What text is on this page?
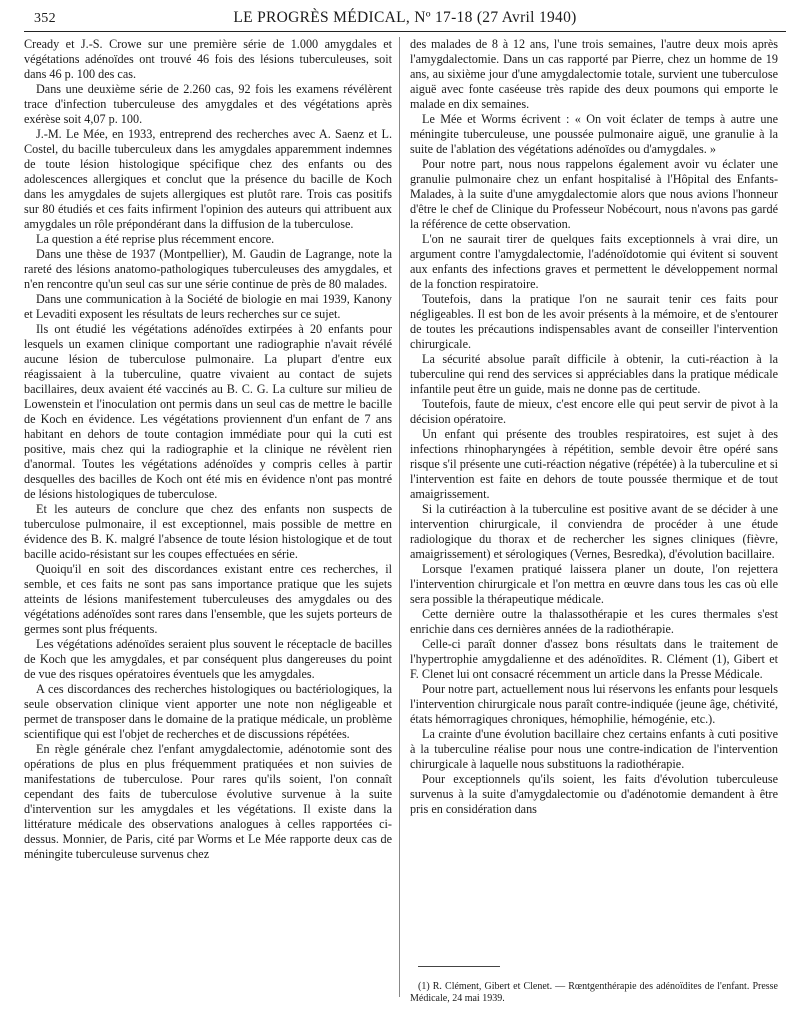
352	LE PROGRÈS MÉDICAL, Nº 17-18 (27 Avril 1940)

Cready et J.-S. Crowe sur une première série de 1.000 amygdales et végétations adénoïdes ont trouvé 46 fois des lésions tuberculeuses, soit dans 46 p. 100 des cas.

Dans une deuxième série de 2.260 cas, 92 fois les examens révélèrent trace d'infection tuberculeuse des amygdales et des végétations après exérèse soit 4,07 p. 100.

J.-M. Le Mée, en 1933, entreprend des recherches avec A. Saenz et L. Costel, du bacille tuberculeux dans les amygdales apparemment indemnes de toute lésion histologique spécifique chez des enfants ou des adolescences allergiques et conclut que la présence du bacille de Koch dans les amygdales de sujets allergiques est plutôt rare. Trois cas positifs sur 80 étudiés et ces faits infirment l'opinion des auteurs qui attribuent aux amygdales un rôle prépondérant dans la diffusion de la tuberculose.

La question a été reprise plus récemment encore.

Dans une thèse de 1937 (Montpellier), M. Gaudin de Lagrange, note la rareté des lésions anatomo-pathologiques tuberculeuses des amygdales, et n'en rencontre qu'un seul cas sur une série continue de près de 80 malades.

Dans une communication à la Société de biologie en mai 1939, Kanony et Levaditi exposent les résultats de leurs recherches sur ce sujet.

Ils ont étudié les végétations adénoïdes extirpées à 20 enfants pour lesquels un examen clinique comportant une radiographie n'avait révélé aucune lésion de tuberculose pulmonaire. La plupart d'entre eux réagissaient à la tuberculine, quatre vivaient au contact de sujets bacillaires, deux avaient été vaccinés au B. C. G. La culture sur milieu de Lowenstein et l'inoculation ont permis dans un seul cas de mettre le bacille de Koch en évidence. Les végétations proviennent d'un enfant de 7 ans habitant en dehors de toute contagion immédiate pour qui la cuti est positive, mais chez qui la radiographie et la clinique ne révèlent rien d'anormal. Toutes les végétations adénoïdes y compris celles à partir desquelles des bacilles de Koch ont été mis en évidence n'ont pas montré de lésions histologiques de tuberculose.

Et les auteurs de conclure que chez des enfants non suspects de tuberculose pulmonaire, il est exceptionnel, mais possible de mettre en évidence des B. K. malgré l'absence de toute lésion histologique et de tout bacille acido-résistant sur les coupes effectuées en série.

Quoiqu'il en soit des discordances existant entre ces recherches, il semble, et ces faits ne sont pas sans importance pratique que les sujets atteints de lésions manifestement tuberculeuses des amygdales ou des végétations adénoïdes sont rares dans l'ensemble, que les sujets porteurs de germes sont plus fréquents.

Les végétations adénoïdes seraient plus souvent le réceptacle de bacilles de Koch que les amygdales, et par conséquent plus dangereuses du point de vue des risques opératoires éventuels que les amygdales.

A ces discordances des recherches histologiques ou bactériologiques, la seule observation clinique vient apporter une note non négligeable et permet de transposer dans le domaine de la pratique médicale, un problème scientifique qui est l'objet de recherches et de discussions répétées.

En règle générale chez l'enfant amygdalectomie, adénotomie sont des opérations de plus en plus fréquemment pratiquées et non suivies de manifestations de tuberculose. Pour rares qu'ils soient, l'on connaît cependant des faits de tuberculose évolutive survenue à la suite d'intervention sur les amygdales et les végétations. Il existe dans la littérature médicale des observations analogues à celles rapportées ci-dessus. Monnier, de Paris, cité par Worms et Le Mée rapporte deux cas de méningite tuberculeuse survenus chez

des malades de 8 à 12 ans, l'une trois semaines, l'autre deux mois après l'amygdalectomie. Dans un cas rapporté par Pierre, chez un homme de 19 ans, au sixième jour d'une amygdalectomie totale, survient une tuberculose aiguë avec fonte caséeuse très rapide des deux poumons qui emporte le malade en dix semaines.

Le Mée et Worms écrivent : « On voit éclater de temps à autre une méningite tuberculeuse, une poussée pulmonaire aiguë, une granulie à la suite de l'ablation des végétations adénoïdes ou d'amygdales. »

Pour notre part, nous nous rappelons également avoir vu éclater une granulie pulmonaire chez un enfant hospitalisé à l'Hôpital des Enfants-Malades, à la suite d'une amygdalectomie alors que nous avions l'honneur d'être le chef de Clinique du Professeur Nobécourt, nous n'avons pas gardé la référence de cette observation.

L'on ne saurait tirer de quelques faits exceptionnels à vrai dire, un argument contre l'amygdalectomie, l'adénoïdotomie qui évitent si souvent aux enfants des infections graves et permettent le développement normal de la fonction respiratoire.

Toutefois, dans la pratique l'on ne saurait tenir ces faits pour négligeables. Il est bon de les avoir présents à la mémoire, et de s'entourer de toutes les précautions indispensables avant de conseiller l'intervention chirurgicale.

La sécurité absolue paraît difficile à obtenir, la cuti-réaction à la tuberculine qui rend des services si appréciables dans la pratique médicale infantile peut être un guide, mais ne donne pas de certitude.

Toutefois, faute de mieux, c'est encore elle qui peut servir de pivot à la décision opératoire.

Un enfant qui présente des troubles respiratoires, est sujet à des infections rhinopharyngées à répétition, semble devoir être opéré sans risque s'il présente une cuti-réaction négative (répétée) à la tuberculine et si l'intervention est faite en dehors de toute poussée thermique et de tout amaigrissement.

Si la cutiréaction à la tuberculine est positive avant de se décider à une intervention chirurgicale, il conviendra de procéder à une étude radiologique du thorax et de rechercher les signes cliniques (fièvre, amaigrissement) et sérologiques (Vernes, Besredka), d'évolution bacillaire.

Lorsque l'examen pratiqué laissera planer un doute, l'on rejettera l'intervention chirurgicale et l'on mettra en œuvre dans tous les cas où elle sera possible la thérapeutique médicale.

Cette dernière outre la thalassothérapie et les cures thermales s'est enrichie dans ces dernières années de la radiothérapie.

Celle-ci paraît donner d'assez bons résultats dans le traitement de l'hypertrophie amygdalienne et des adénoïdites. R. Clément (1), Gibert et F. Clenet lui ont consacré récemment un article dans la Presse Médicale.

Pour notre part, actuellement nous lui réservons les enfants pour lesquels l'intervention chirurgicale nous paraît contre-indiquée (jeune âge, chétivité, états hémorragiques chroniques, hémophilie, hémogénie, etc.).

La crainte d'une évolution bacillaire chez certains enfants à cuti positive à la tuberculine réalise pour nous une contre-indication de l'intervention chirurgicale à laquelle nous substituons la radiothérapie.

Pour exceptionnels qu'ils soient, les faits d'évolution tuberculeuse survenus à la suite d'amygdalectomie ou d'adénotomie demandent à être pris en considération dans

(1) R. Clément, Gibert et Clenet. — Rœntgenthérapie des adénoïdites de l'enfant. Presse Médicale, 24 mai 1939.
